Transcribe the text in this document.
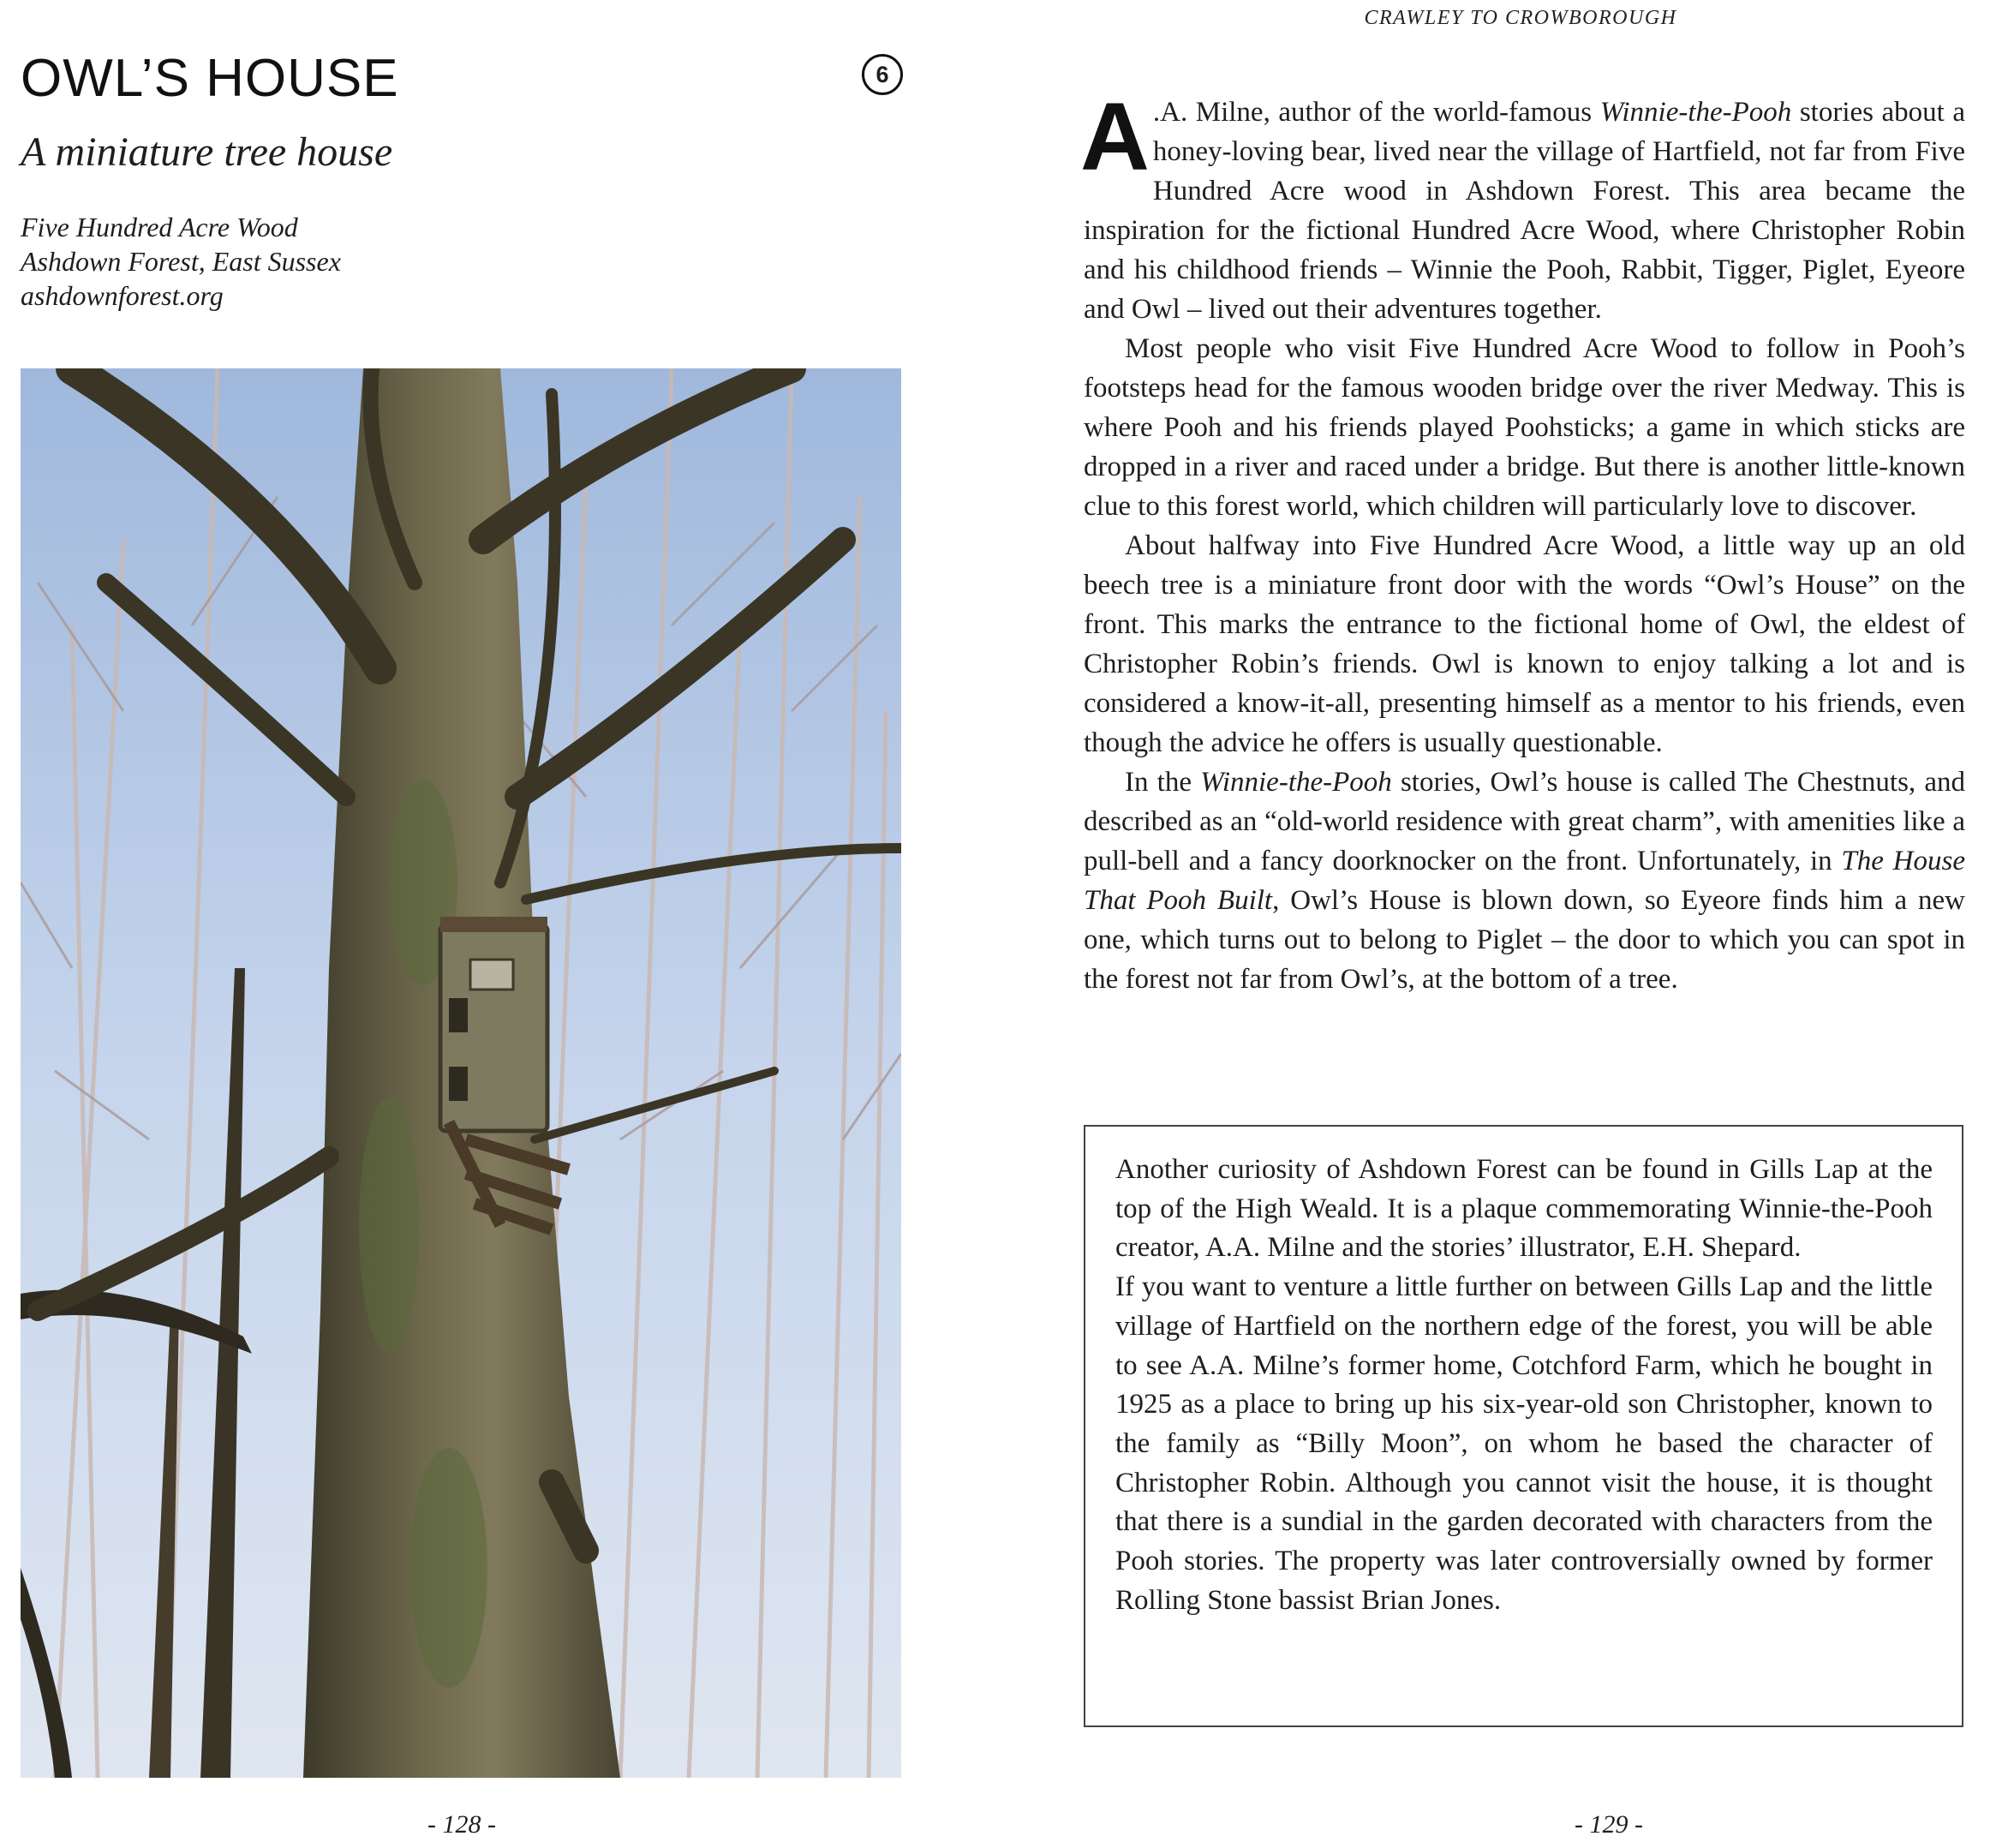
OWL’S HOUSE	6
A miniature tree house
Five Hundred Acre Wood
Ashdown Forest, East Sussex
ashdownforest.org
- 128 -
CRAWLEY TO CROWBOROUGH

A .A. Milne, author of the world-famous Winnie-the-Pooh stories about a honey-loving bear, lived near the village of Hartfield, not far from Five Hundred Acre wood in Ashdown Forest. This area became the inspiration for the fictional Hundred Acre Wood, where Christopher Robin and his childhood friends – Winnie the Pooh, Rabbit, Tigger, Piglet, Eyeore and Owl – lived out their adventures together.

Most people who visit Five Hundred Acre Wood to follow in Pooh’s footsteps head for the famous wooden bridge over the river Medway. This is where Pooh and his friends played Poohsticks; a game in which sticks are dropped in a river and raced under a bridge. But there is another little-known clue to this forest world, which children will particularly love to discover.

About halfway into Five Hundred Acre Wood, a little way up an old beech tree is a miniature front door with the words “Owl’s House” on the front. This marks the entrance to the fictional home of Owl, the eldest of Christopher Robin’s friends. Owl is known to enjoy talking a lot and is considered a know-it-all, presenting himself as a mentor to his friends, even though the advice he offers is usually questionable.

In the Winnie-the-Pooh stories, Owl’s house is called The Chestnuts, and described as an “old-world residence with great charm”, with amenities like a pull-bell and a fancy doorknocker on the front. Unfortunately, in The House That Pooh Built, Owl’s House is blown down, so Eyeore finds him a new one, which turns out to belong to Piglet – the door to which you can spot in the forest not far from Owl’s, at the bottom of a tree.

Another curiosity of Ashdown Forest can be found in Gills Lap at the top of the High Weald. It is a plaque commemorating Winnie-the-Pooh creator, A.A. Milne and the stories’ illustrator, E.H. Shepard.

If you want to venture a little further on between Gills Lap and the little village of Hartfield on the northern edge of the forest, you will be able to see A.A. Milne’s former home, Cotchford Farm, which he bought in 1925 as a place to bring up his six-year-old son Christopher, known to the family as “Billy Moon”, on whom he based the character of Christopher Robin. Although you cannot visit the house, it is thought that there is a sundial in the garden decorated with characters from the Pooh stories. The property was later controversially owned by former Rolling Stone bassist Brian Jones.

- 129 -
